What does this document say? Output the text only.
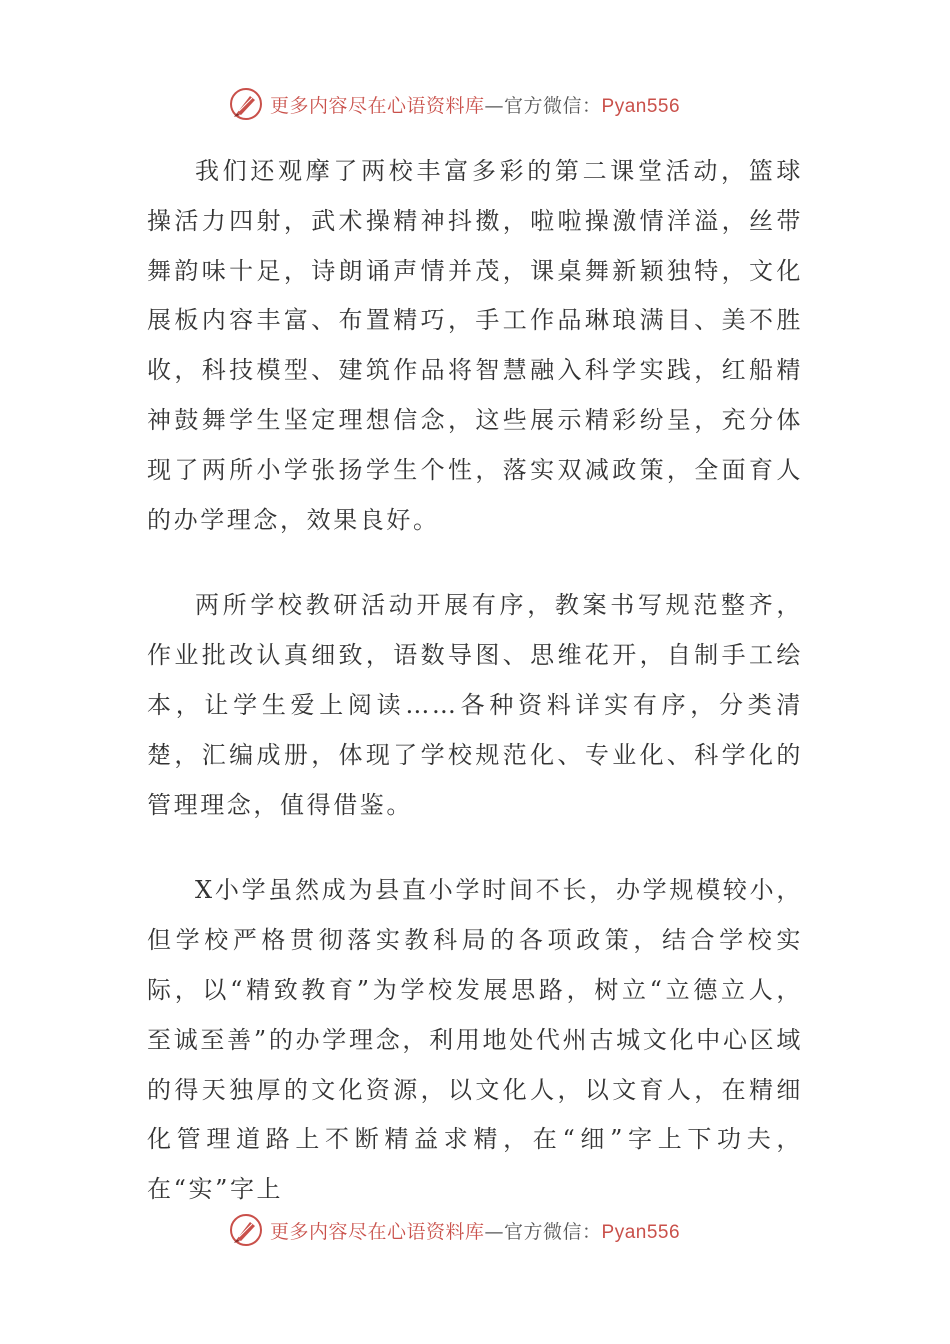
更多内容尽在心语资料库—官方微信：Pyan556

我们还观摩了两校丰富多彩的第二课堂活动，篮球操活力四射，武术操精神抖擞，啦啦操激情洋溢，丝带舞韵味十足，诗朗诵声情并茂，课桌舞新颖独特，文化展板内容丰富、布置精巧，手工作品琳琅满目、美不胜收，科技模型、建筑作品将智慧融入科学实践，红船精神鼓舞学生坚定理想信念，这些展示精彩纷呈，充分体现了两所小学张扬学生个性，落实双减政策，全面育人的办学理念，效果良好。

两所学校教研活动开展有序，教案书写规范整齐，作业批改认真细致，语数导图、思维花开，自制手工绘本，让学生爱上阅读……各种资料详实有序，分类清楚，汇编成册，体现了学校规范化、专业化、科学化的管理理念，值得借鉴。

X小学虽然成为县直小学时间不长，办学规模较小，但学校严格贯彻落实教科局的各项政策，结合学校实际，以“精致教育”为学校发展思路，树立“立德立人，至诚至善”的办学理念，利用地处代州古城文化中心区域的得天独厚的文化资源，以文化人，以文育人，在精细化管理道路上不断精益求精，在“细”字上下功夫，在“实”字上

更多内容尽在心语资料库—官方微信：Pyan556
